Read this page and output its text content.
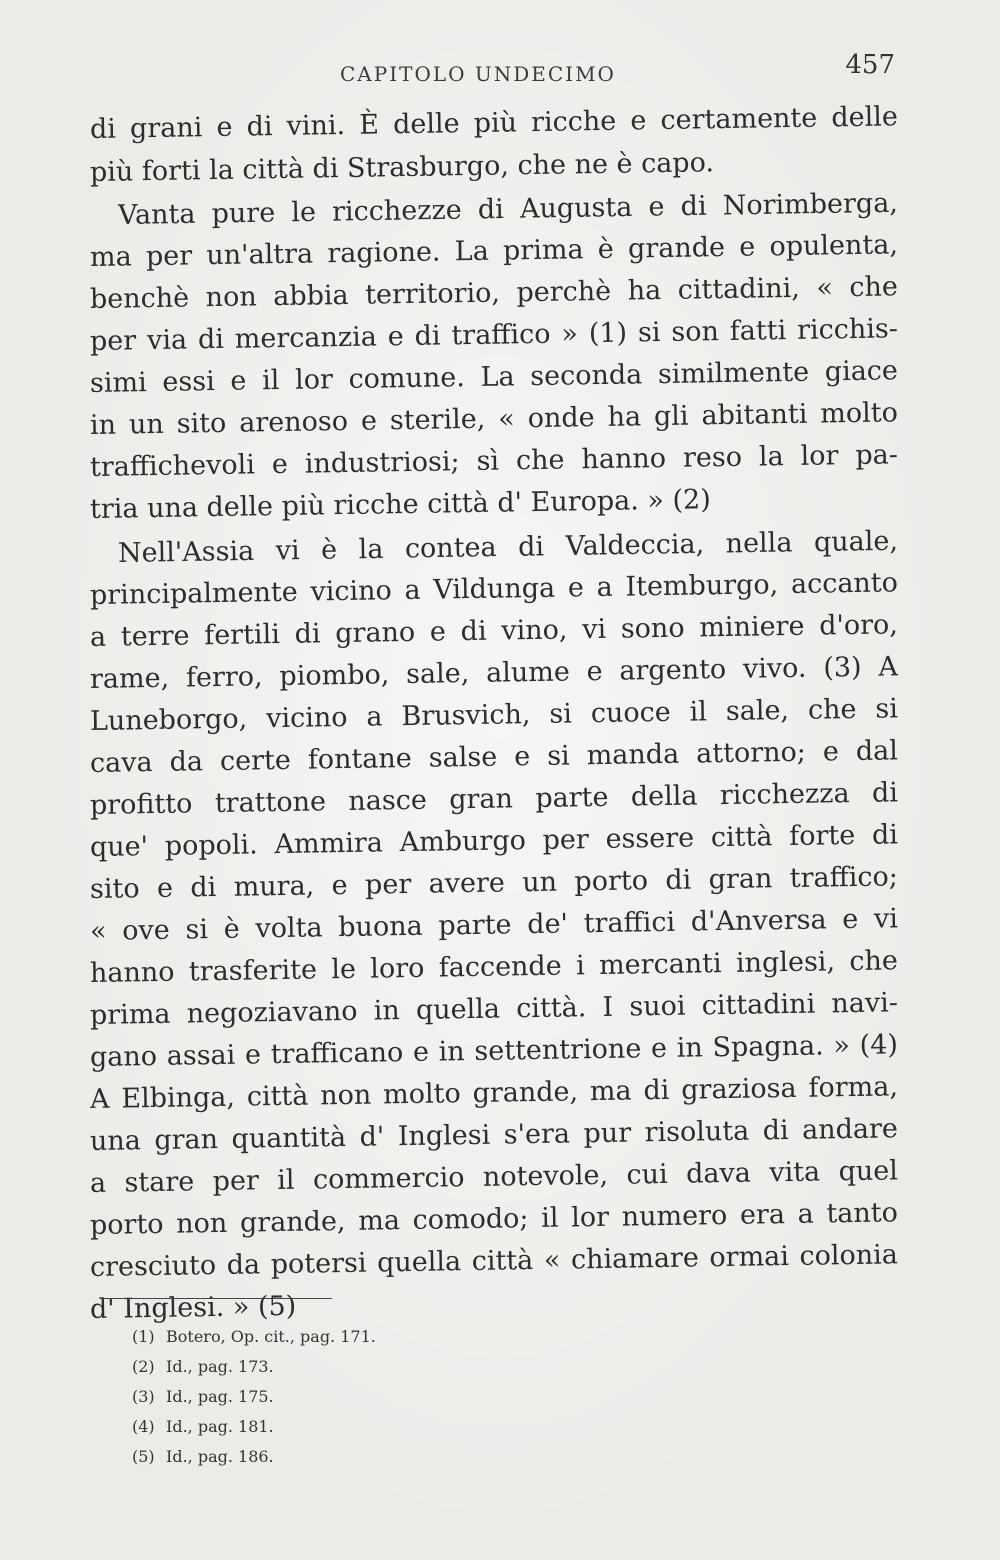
CAPITOLO UNDECIMO	457
di grani e di vini. È delle più ricche e certamente delle
più forti la città di Strasburgo, che ne è capo.
Vanta pure le ricchezze di Augusta e di Norimberga,
ma per un'altra ragione. La prima è grande e opulenta,
benchè non abbia territorio, perchè ha cittadini, « che
per via di mercanzia e di traffico » (1) si son fatti ricchis-
simi essi e il lor comune. La seconda similmente giace
in un sito arenoso e sterile, « onde ha gli abitanti molto
traffichevoli e industriosi; sì che hanno reso la lor pa-
tria una delle più ricche città d' Europa. » (2)
Nell'Assia vi è la contea di Valdeccia, nella quale,
principalmente vicino a Vildunga e a Itemburgo, accanto
a terre fertili di grano e di vino, vi sono miniere d'oro,
rame, ferro, piombo, sale, alume e argento vivo. (3) A
Luneborgo, vicino a Brusvich, si cuoce il sale, che si
cava da certe fontane salse e si manda attorno; e dal
profitto trattone nasce gran parte della ricchezza di
que' popoli. Ammira Amburgo per essere città forte di
sito e di mura, e per avere un porto di gran traffico;
« ove si è volta buona parte de' traffici d'Anversa e vi
hanno trasferite le loro faccende i mercanti inglesi, che
prima negoziavano in quella città. I suoi cittadini navi-
gano assai e trafficano e in settentrione e in Spagna. » (4)
A Elbinga, città non molto grande, ma di graziosa forma,
una gran quantità d' Inglesi s'era pur risoluta di andare
a stare per il commercio notevole, cui dava vita quel
porto non grande, ma comodo; il lor numero era a tanto
cresciuto da potersi quella città « chiamare ormai colonia
d' Inglesi. » (5)
(1) Botero, Op. cit., pag. 171.
(2) Id., pag. 173.
(3) Id., pag. 175.
(4) Id., pag. 181.
(5) Id., pag. 186.
